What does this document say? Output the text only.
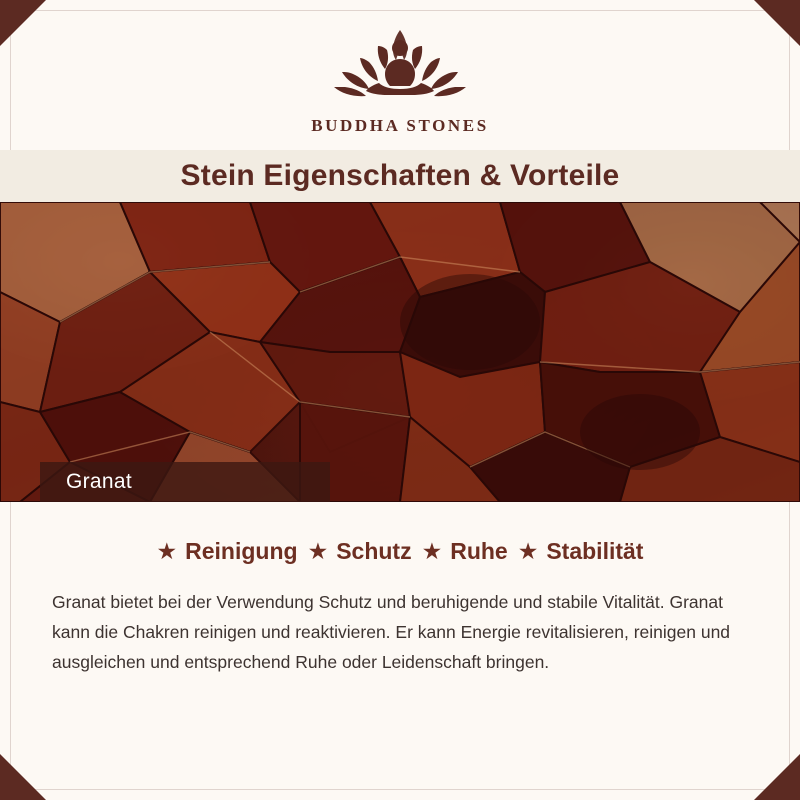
BUDDHA STONES
Stein Eigenschaften & Vorteile
Granat
★ Reinigung ★ Schutz ★ Ruhe ★ Stabilität

Granat bietet bei der Verwendung Schutz und beruhigende und stabile Vitalität. Granat kann die Chakren reinigen und reaktivieren. Er kann Energie revitalisieren, reinigen und ausgleichen und entsprechend Ruhe oder Leidenschaft bringen.
